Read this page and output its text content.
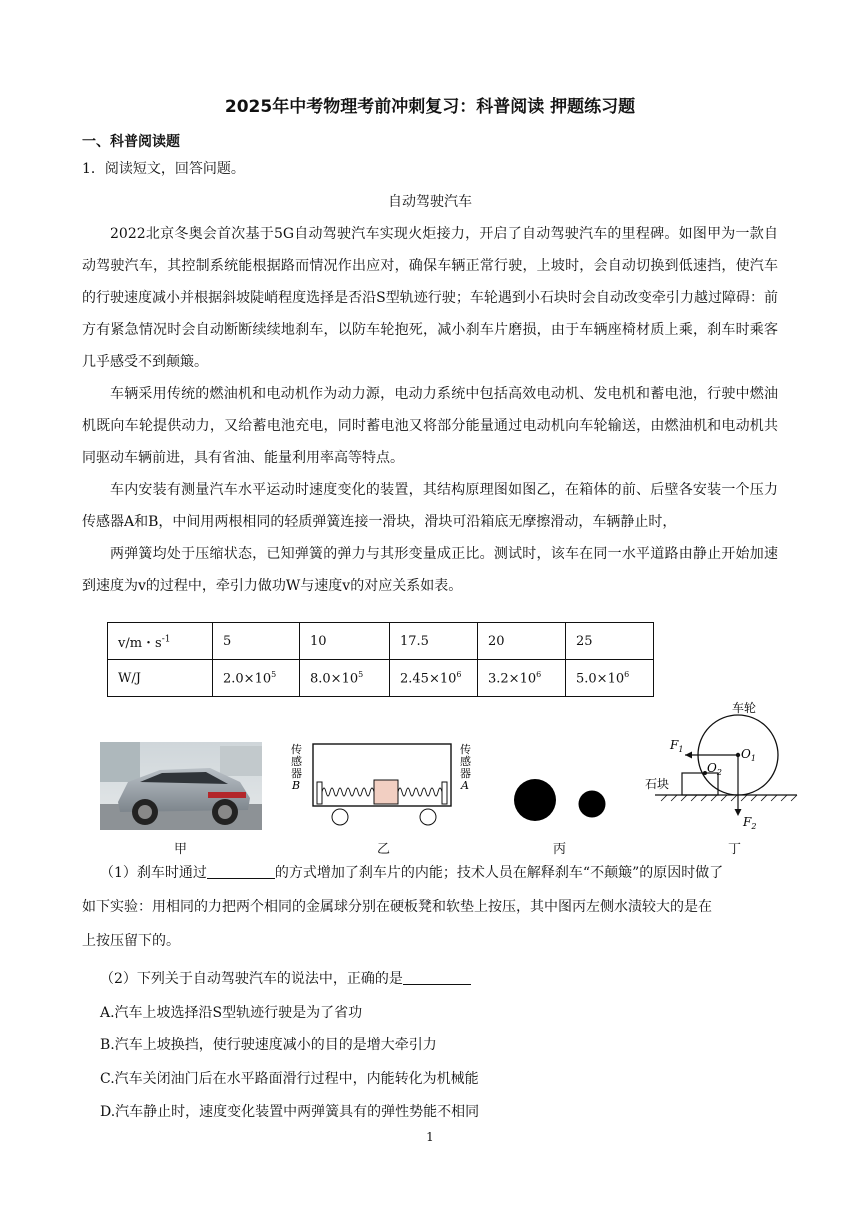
2025年中考物理考前冲刺复习：科普阅读 押题练习题
一、科普阅读题
1．阅读短文，回答问题。
自动驾驶汽车

2022北京冬奥会首次基于5G自动驾驶汽车实现火炬接力，开启了自动驾驶汽车的里程碑。如图甲为一款自动驾驶汽车，其控制系统能根据路而情况作出应对，确保车辆正常行驶，上坡时，会自动切换到低速挡，使汽车的行驶速度减小并根据斜坡陡峭程度选择是否沿S型轨迹行驶；车轮遇到小石块时会自动改变牵引力越过障碍：前方有紧急情况时会自动断断续续地刹车，以防车轮抱死，减小刹车片磨损，由于车辆座椅材质上乘，刹车时乘客几乎感受不到颠簸。

车辆采用传统的燃油机和电动机作为动力源，电动力系统中包括高效电动机、发电机和蓄电池，行驶中燃油机既向车轮提供动力，又给蓄电池充电，同时蓄电池又将部分能量通过电动机向车轮输送，由燃油机和电动机共同驱动车辆前进，具有省油、能量利用率高等特点。

车内安装有测量汽车水平运动时速度变化的装置，其结构原理图如图乙，在箱体的前、后壁各安装一个压力传感器A和B，中间用两根相同的轻质弹簧连接一滑块，滑块可沿箱底无摩擦滑动，车辆静止时，

两弹簧均处于压缩状态，已知弹簧的弹力与其形变量成正比。测试时，该车在同一水平道路由静止开始加速到速度为v的过程中，牵引力做功W与速度v的对应关系如表。

v/m・$s^{-1}$	5	10	17.5	20	25
W/J	$2.0\times 10^5$	$8.0\times 10^5$	$2.45\times 10^6$	$3.2\times 10^6$	$5.0\times 10^6$
传
感
器
B
传
感
器
A
车轮
$F_1$
$F_2$
$O_1$
$O_2$
石块
甲	乙	丙	丁
（1）刹车时通过	的方式增加了刹车片的内能；技术人员在解释刹车“不颠簸”的原因时做了
如下实验：用相同的力把两个相同的金属球分别在硬板凳和软垫上按压，其中图丙左侧水渍较大的是在
上按压留下的。
（2）下列关于自动驾驶汽车的说法中，正确的是
A.汽车上坡选择沿S型轨迹行驶是为了省功
B.汽车上坡换挡，使行驶速度减小的目的是增大牵引力
C.汽车关闭油门后在水平路面滑行过程中，内能转化为机械能
D.汽车静止时，速度变化装置中两弹簧具有的弹性势能不相同
1
